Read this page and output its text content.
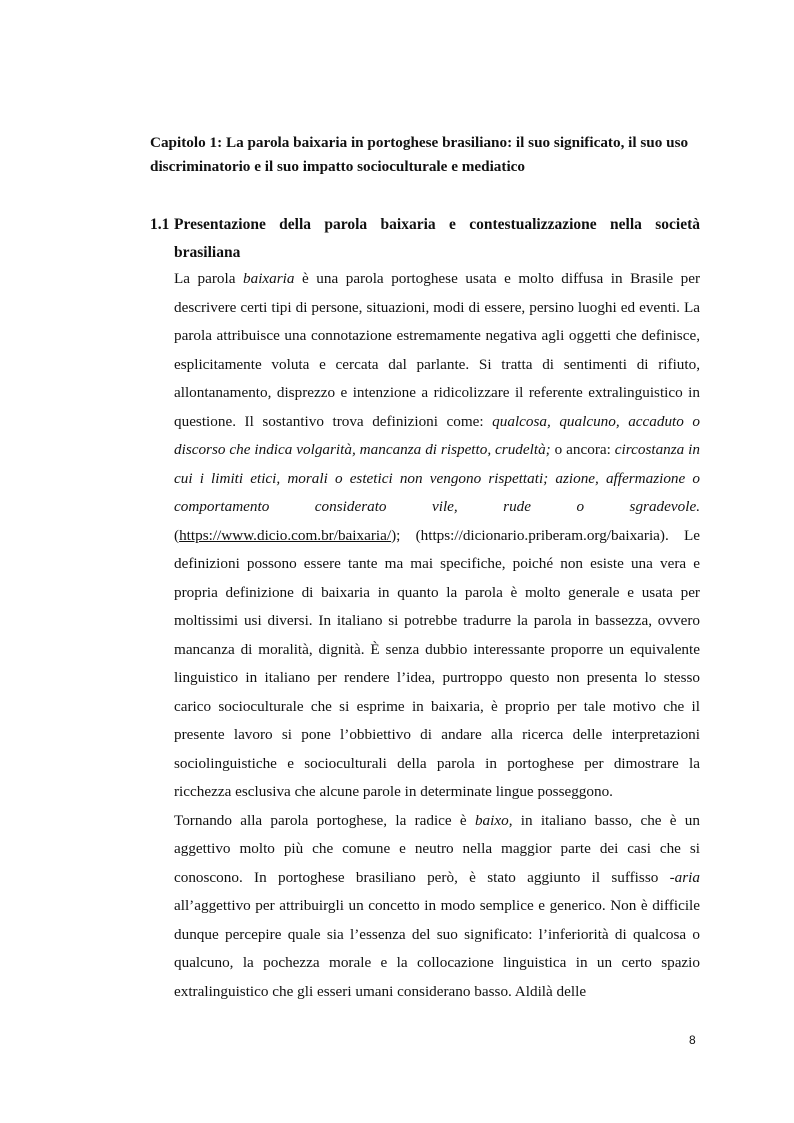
Capitolo 1: La parola baixaria in portoghese brasiliano: il suo significato, il suo uso discriminatorio e il suo impatto socioculturale e mediatico
1.1 Presentazione della parola baixaria e contestualizzazione nella società brasiliana

La parola baixaria è una parola portoghese usata e molto diffusa in Brasile per descrivere certi tipi di persone, situazioni, modi di essere, persino luoghi ed eventi. La parola attribuisce una connotazione estremamente negativa agli oggetti che definisce, esplicitamente voluta e cercata dal parlante. Si tratta di sentimenti di rifiuto, allontanamento, disprezzo e intenzione a ridicolizzare il referente extralinguistico in questione. Il sostantivo trova definizioni come: qualcosa, qualcuno, accaduto o discorso che indica volgarità, mancanza di rispetto, crudeltà; o ancora: circostanza in cui i limiti etici, morali o estetici non vengono rispettati; azione, affermazione o comportamento considerato vile, rude o sgradevole.(https://www.dicio.com.br/baixaria/); (https://dicionario.priberam.org/baixaria). Le definizioni possono essere tante ma mai specifiche, poiché non esiste una vera e propria definizione di baixaria in quanto la parola è molto generale e usata per moltissimi usi diversi. In italiano si potrebbe tradurre la parola in bassezza, ovvero mancanza di moralità, dignità. È senza dubbio interessante proporre un equivalente linguistico in italiano per rendere l’idea, purtroppo questo non presenta lo stesso carico socioculturale che si esprime in baixaria, è proprio per tale motivo che il presente lavoro si pone l’obbiettivo di andare alla ricerca delle interpretazioni sociolinguistiche e socioculturali della parola in portoghese per dimostrare la ricchezza esclusiva che alcune parole in determinate lingue posseggono.

Tornando alla parola portoghese, la radice è baixo, in italiano basso, che è un aggettivo molto più che comune e neutro nella maggior parte dei casi che si conoscono. In portoghese brasiliano però, è stato aggiunto il suffisso -aria all’aggettivo per attribuirgli un concetto in modo semplice e generico. Non è difficile dunque percepire quale sia l’essenza del suo significato: l’inferiorità di qualcosa o qualcuno, la pochezza morale e la collocazione linguistica in un certo spazio extralinguistico che gli esseri umani considerano basso. Aldilà delle

8
